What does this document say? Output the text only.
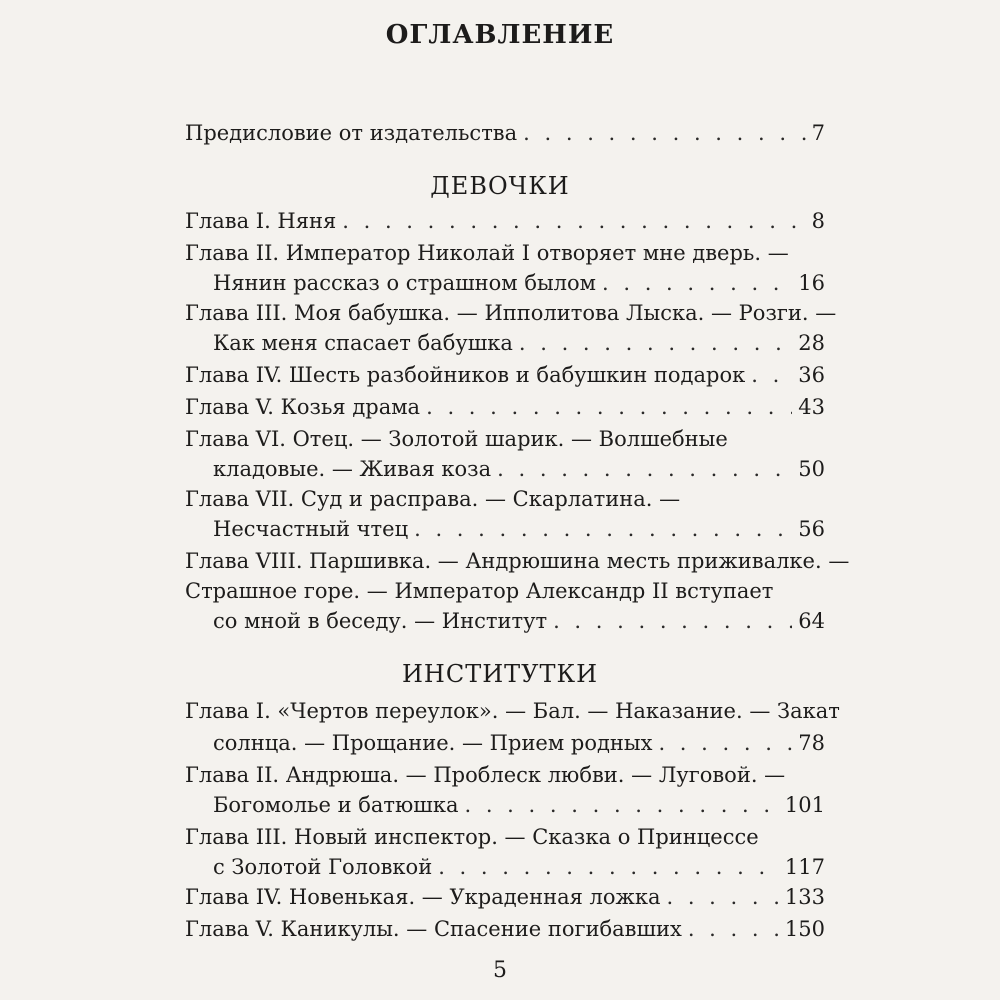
ОГЛАВЛЕНИЕ
Предисловие от издательства . . .	7
ДЕВОЧКИ
Глава I. Няня . . .	8
Глава II. Император Николай I отворяет мне дверь. —
Нянин рассказ о страшном былом . . .	16
Глава III. Моя бабушка. — Ипполитова Лыска. — Розги. —
Как меня спасает бабушка . . .	28
Глава IV. Шесть разбойников и бабушкин подарок . . .	36
Глава V. Козья драма . . .	43
Глава VI. Отец. — Золотой шарик. — Волшебные
кладовые. — Живая коза . . .	50
Глава VII. Суд и расправа. — Скарлатина. —
Несчастный чтец . . .	56
Глава VIII. Паршивка. — Андрюшина месть приживалке. —
Страшное горе. — Император Александр II вступает
со мной в беседу. — Институт . . .	64
ИНСТИТУТКИ
Глава I. «Чертов переулок». — Бал. — Наказание. — Закат
солнца. — Прощание. — Прием родных . . .	78
Глава II. Андрюша. — Проблеск любви. — Луговой. —
Богомолье и батюшка . . .	101
Глава III. Новый инспектор. — Сказка о Принцессе
с Золотой Головкой . . .	117
Глава IV. Новенькая. — Украденная ложка . . .	133
Глава V. Каникулы. — Спасение погибавших . . .	150
5
